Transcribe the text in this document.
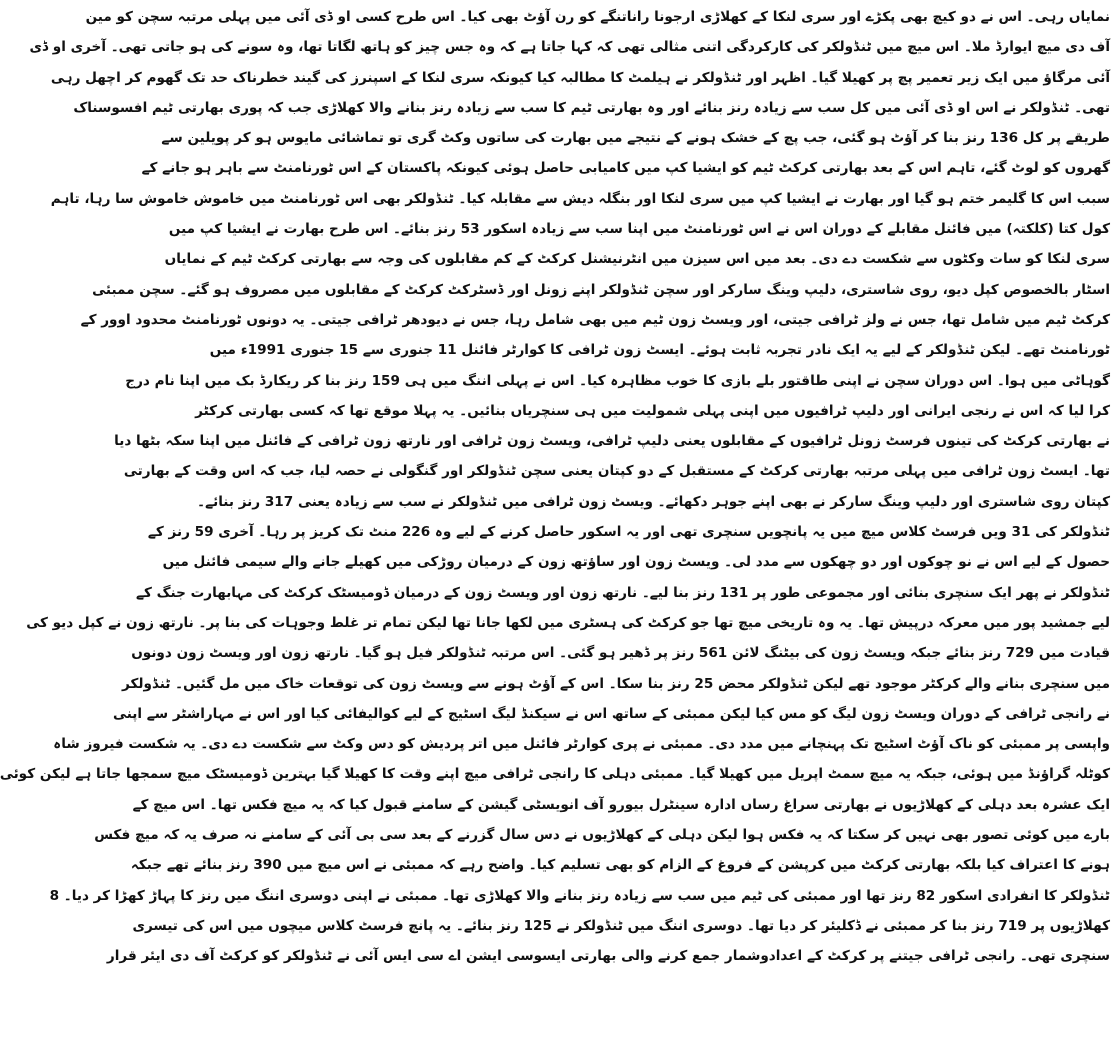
نمایاں رہی۔ اس نے دو کیچ بھی پکڑے اور سری لنکا کے کھلاڑی ارجونا راناتنگے کو رن آؤٹ بھی کیا۔ اس طرح کسی او ڈی آئی میں پہلی مرتبہ سچن کو مین
آف دی میچ ایوارڈ ملا۔ اس میچ میں ٹنڈولکر کی کارکردگی اتنی مثالی تھی کہ کہا جاتا ہے کہ وہ جس چیز کو ہاتھ لگاتا تھا، وہ سونے کی ہو جاتی تھی۔ آخری او ڈی
آئی مرگاؤ میں ایک زیر تعمیر پچ پر کھیلا گیا۔ اظہر اور ٹنڈولکر نے ہیلمٹ کا مطالبہ کیا کیونکہ سری لنکا کے اسپنرز کی گیند خطرناک حد تک گھوم کر اچھل رہی
تھی۔ ٹنڈولکر نے اس او ڈی آئی میں کل سب سے زیادہ رنز بنائے اور وہ بھارتی ٹیم کا سب سے زیادہ رنز بنانے والا کھلاڑی جب کہ پوری بھارتی ٹیم افسوسناک
طریقے پر کل 136 رنز بنا کر آؤٹ ہو گئی، جب پچ کے خشک ہونے کے نتیجے میں بھارت کی ساتوں وکٹ گری تو تماشائی مایوس ہو کر پویلین سے
گھروں کو لوٹ گئے، تاہم اس کے بعد بھارتی کرکٹ ٹیم کو ایشیا کپ میں کامیابی حاصل ہوئی کیونکہ پاکستان کے اس ٹورنامنٹ سے باہر ہو جانے کے
سبب اس کا گلیمر ختم ہو گیا اور بھارت نے ایشیا کپ میں سری لنکا اور بنگلہ دیش سے مقابلہ کیا۔ ٹنڈولکر بھی اس ٹورنامنٹ میں خاموش خاموش سا رہا، تاہم
کول کتا (کلکتہ) میں فائنل مقابلے کے دوران اس نے اس ٹورنامنٹ میں اپنا سب سے زیادہ اسکور 53 رنز بنائے۔ اس طرح بھارت نے ایشیا کپ میں
سری لنکا کو سات وکٹوں سے شکست دے دی۔ بعد میں اس سیزن میں انٹرنیشنل کرکٹ کے کم مقابلوں کی وجہ سے بھارتی کرکٹ ٹیم کے نمایاں
اسٹار بالخصوص کپل دیو، روی شاستری، دلیپ وینگ سارکر اور سچن ٹنڈولکر اپنے زونل اور ڈسٹرکٹ کرکٹ کے مقابلوں میں مصروف ہو گئے۔ سچن ممبئی
کرکٹ ٹیم میں شامل تھا، جس نے ولز ٹرافی جیتی، اور ویسٹ زون ٹیم میں بھی شامل رہا، جس نے دیودھر ٹرافی جیتی۔ یہ دونوں ٹورنامنٹ محدود اوور کے
ٹورنامنٹ تھے۔ لیکن ٹنڈولکر کے لیے یہ ایک نادر تجربہ ثابت ہوئے۔ ایسٹ زون ٹرافی کا کوارٹر فائنل 11 جنوری سے 15 جنوری 1991ء میں
گوہاٹی میں ہوا۔ اس دوران سچن نے اپنی طاقتور بلے بازی کا خوب مظاہرہ کیا۔ اس نے پہلی اننگ میں ہی 159 رنز بنا کر ریکارڈ بک میں اپنا نام درج
کرا لیا کہ اس نے رنجی ایرانی اور دلیپ ٹرافیوں میں اپنی پہلی شمولیت میں ہی سنچریاں بنائیں۔ یہ پہلا موقع تھا کہ کسی بھارتی کرکٹر
نے بھارتی کرکٹ کی تینوں فرسٹ زونل ٹرافیوں کے مقابلوں یعنی دلیپ ٹرافی، ویسٹ زون ٹرافی اور نارتھ زون ٹرافی کے فائنل میں اپنا سکہ بٹھا دیا
تھا۔ ایسٹ زون ٹرافی میں پہلی مرتبہ بھارتی کرکٹ کے مستقبل کے دو کپتان یعنی سچن ٹنڈولکر اور گنگولی نے حصہ لیا، جب کہ اس وقت کے بھارتی
کپتان روی شاستری اور دلیپ وینگ سارکر نے بھی اپنے جوہر دکھائے۔ ویسٹ زون ٹرافی میں ٹنڈولکر نے سب سے زیادہ یعنی 317 رنز بنائے۔
ٹنڈولکر کی 31 ویں فرسٹ کلاس میچ میں یہ پانچویں سنچری تھی اور یہ اسکور حاصل کرنے کے لیے وہ 226 منٹ تک کریز پر رہا۔ آخری 59 رنز کے
حصول کے لیے اس نے نو چوکوں اور دو چھکوں سے مدد لی۔ ویسٹ زون اور ساؤتھ زون کے درمیان روڑکی میں کھیلے جانے والے سیمی فائنل میں
ٹنڈولکر نے پھر ایک سنچری بنائی اور مجموعی طور پر 131 رنز بنا لیے۔ نارتھ زون اور ویسٹ زون کے درمیان ڈومیسٹک کرکٹ کی مہابھارت جنگ کے
لیے جمشید پور میں معرکہ درپیش تھا۔ یہ وہ تاریخی میچ تھا جو کرکٹ کی ہسٹری میں لکھا جانا تھا لیکن تمام تر غلط وجوہات کی بنا پر۔ نارتھ زون نے کپل دیو کی
قیادت میں 729 رنز بنائے جبکہ ویسٹ زون کی بیٹنگ لائن 561 رنز پر ڈھیر ہو گئی۔ اس مرتبہ ٹنڈولکر فیل ہو گیا۔ نارتھ زون اور ویسٹ زون دونوں
میں سنچری بنانے والے کرکٹر موجود تھے لیکن ٹنڈولکر محض 25 رنز بنا سکا۔ اس کے آؤٹ ہونے سے ویسٹ زون کی توقعات خاک میں مل گئیں۔ ٹنڈولکر
نے رانجی ٹرافی کے دوران ویسٹ زون لیگ کو مس کیا لیکن ممبئی کے ساتھ اس نے سیکنڈ لیگ اسٹیج کے لیے کوالیفائی کیا اور اس نے مہاراشٹر سے اپنی
واپسی پر ممبئی کو ناک آؤٹ اسٹیج تک پہنچانے میں مدد دی۔ ممبئی نے پری کوارٹر فائنل میں اتر پردیش کو دس وکٹ سے شکست دے دی۔ یہ شکست فیروز شاہ
کوٹلہ گراؤنڈ میں ہوئی، جبکہ یہ میچ سمٹ اپریل میں کھیلا گیا۔ ممبئی دہلی کا رانجی ٹرافی میچ اپنے وقت کا کھیلا گیا بہترین ڈومیسٹک میچ سمجھا جاتا ہے لیکن کوئی
ایک عشرہ بعد دہلی کے کھلاڑیوں نے بھارتی سراغ رساں ادارہ سینٹرل بیورو آف انویسٹی گیشن کے سامنے قبول کیا کہ یہ میچ فکس تھا۔ اس میچ کے
بارے میں کوئی تصور بھی نہیں کر سکتا کہ یہ فکس ہوا لیکن دہلی کے کھلاڑیوں نے دس سال گزرنے کے بعد سی بی آئی کے سامنے نہ صرف یہ کہ میچ فکس
ہونے کا اعتراف کیا بلکہ بھارتی کرکٹ میں کرپشن کے فروغ کے الزام کو بھی تسلیم کیا۔ واضح رہے کہ ممبئی نے اس میچ میں 390 رنز بنائے تھے جبکہ
ٹنڈولکر کا انفرادی اسکور 82 رنز تھا اور ممبئی کی ٹیم میں سب سے زیادہ رنز بنانے والا کھلاڑی تھا۔ ممبئی نے اپنی دوسری اننگ میں رنز کا پہاڑ کھڑا کر دیا۔ 8
کھلاڑیوں پر 719 رنز بنا کر ممبئی نے ڈکلیئر کر دیا تھا۔ دوسری اننگ میں ٹنڈولکر نے 125 رنز بنائے۔ یہ پانچ فرسٹ کلاس میچوں میں اس کی تیسری
سنچری تھی۔ رانجی ٹرافی جیتنے پر کرکٹ کے اعدادوشمار جمع کرنے والی بھارتی ایسوسی ایشن اے سی ایس آئی نے ٹنڈولکر کو کرکٹ آف دی ایئر قرار
